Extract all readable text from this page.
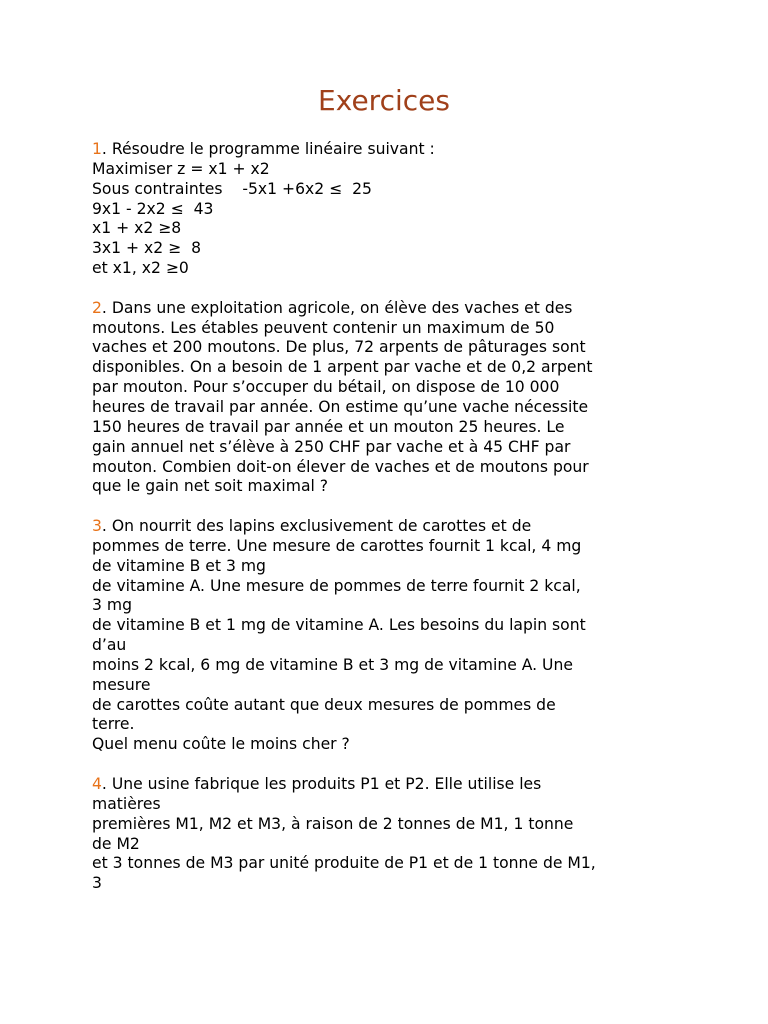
Exercices
1. Résoudre le programme linéaire suivant :
Maximiser z = x1 + x2
Sous contraintes    -5x1 +6x2 ≤  25
9x1 - 2x2 ≤  43
x1 + x2 ≥8
3x1 + x2 ≥  8
et x1, x2 ≥0
2. Dans une exploitation agricole, on élève des vaches et des
moutons. Les étables peuvent contenir un maximum de 50
vaches et 200 moutons. De plus, 72 arpents de pâturages sont
disponibles. On a besoin de 1 arpent par vache et de 0,2 arpent
par mouton. Pour s’occuper du bétail, on dispose de 10 000
heures de travail par année. On estime qu’une vache nécessite
150 heures de travail par année et un mouton 25 heures. Le
gain annuel net s’élève à 250 CHF par vache et à 45 CHF par
mouton. Combien doit-on élever de vaches et de moutons pour
que le gain net soit maximal ?
3. On nourrit des lapins exclusivement de carottes et de
pommes de terre. Une mesure de carottes fournit 1 kcal, 4 mg
de vitamine B et 3 mg
de vitamine A. Une mesure de pommes de terre fournit 2 kcal,
3 mg
de vitamine B et 1 mg de vitamine A. Les besoins du lapin sont
d’au
moins 2 kcal, 6 mg de vitamine B et 3 mg de vitamine A. Une
mesure
de carottes coûte autant que deux mesures de pommes de
terre.
Quel menu coûte le moins cher ?
4. Une usine fabrique les produits P1 et P2. Elle utilise les
matières
premières M1, M2 et M3, à raison de 2 tonnes de M1, 1 tonne
de M2
et 3 tonnes de M3 par unité produite de P1 et de 1 tonne de M1,
3
